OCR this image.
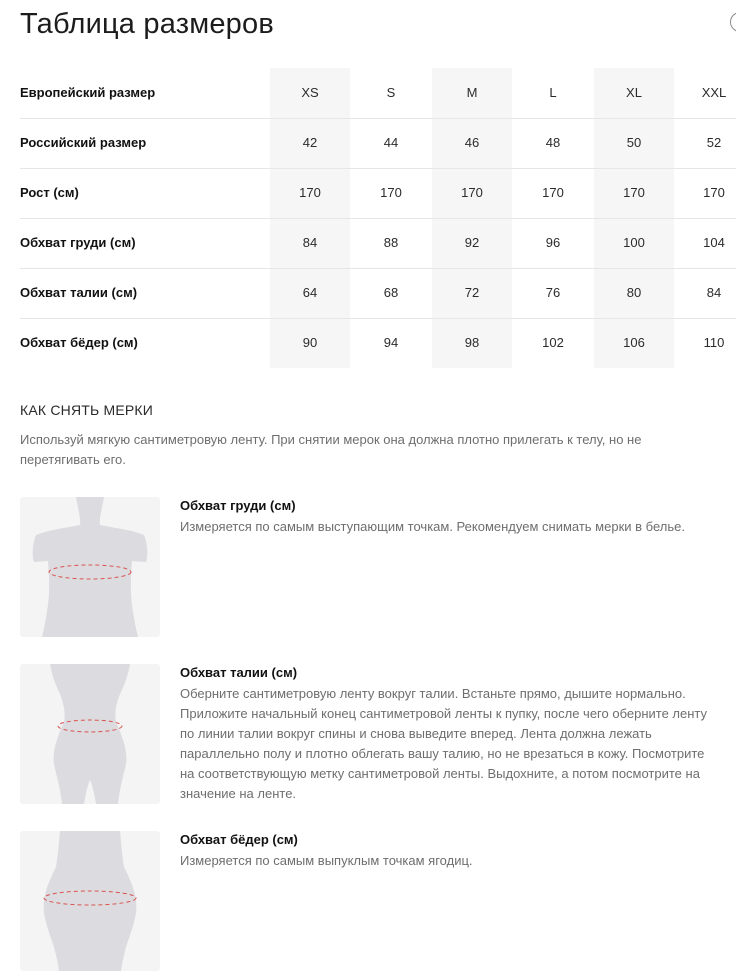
Таблица размеров
Европейский размер	XS	S	M	L	XL	XXL
Российский размер	42	44	46	48	50	52
Рост (см)	170	170	170	170	170	170
Обхват груди (см)	84	88	92	96	100	104
Обхват талии (см)	64	68	72	76	80	84
Обхват бёдер (см)	90	94	98	102	106	110
КАК СНЯТЬ МЕРКИ

Используй мягкую сантиметровую ленту. При снятии мерок она должна плотно прилегать к телу, но не перетягивать его.

Обхват груди (см)
Измеряется по самым выступающим точкам. Рекомендуем снимать мерки в белье.
Обхват талии (см)
Оберните сантиметровую ленту вокруг талии. Встаньте прямо, дышите нормально.
Приложите начальный конец сантиметровой ленты к пупку, после чего оберните ленту
по линии талии вокруг спины и снова выведите вперед. Лента должна лежать
параллельно полу и плотно облегать вашу талию, но не врезаться в кожу. Посмотрите
на соответствующую метку сантиметровой ленты. Выдохните, а потом посмотрите на
значение на ленте.
Обхват бёдер (см)
Измеряется по самым выпуклым точкам ягодиц.
